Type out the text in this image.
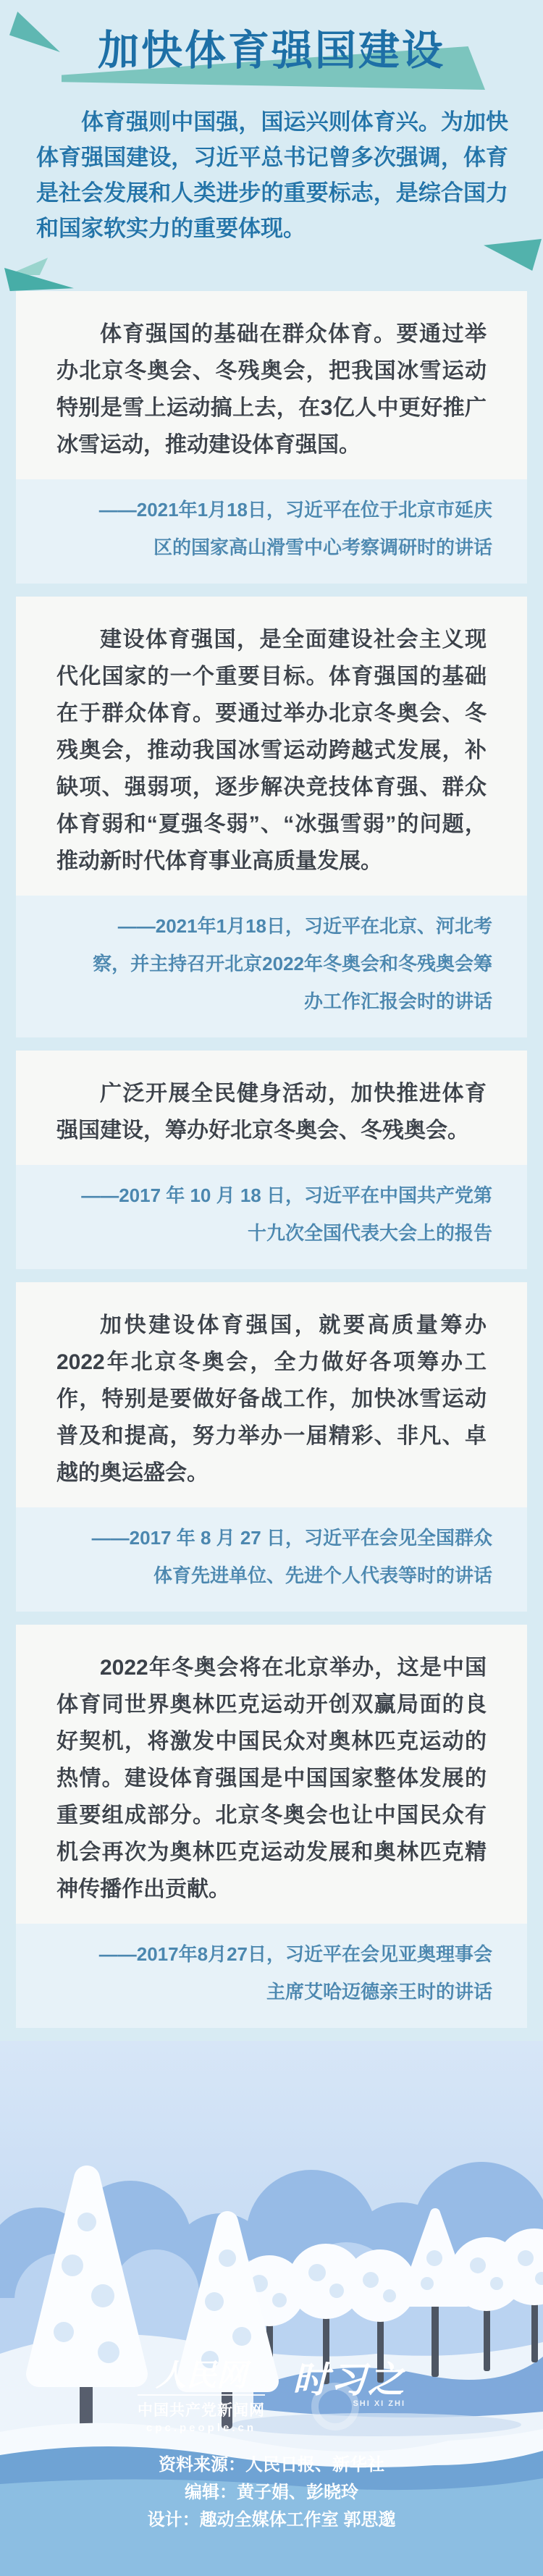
加快体育强国建设
体育强则中国强，国运兴则体育兴。为加快体育强国建设，习近平总书记曾多次强调，体育是社会发展和人类进步的重要标志，是综合国力和国家软实力的重要体现。
体育强国的基础在群众体育。要通过举办北京冬奥会、冬残奥会，把我国冰雪运动特别是雪上运动搞上去，在3亿人中更好推广冰雪运动，推动建设体育强国。
——2021年1月18日，习近平在位于北京市延庆区的国家高山滑雪中心考察调研时的讲话
建设体育强国，是全面建设社会主义现代化国家的一个重要目标。体育强国的基础在于群众体育。要通过举办北京冬奥会、冬残奥会，推动我国冰雪运动跨越式发展，补缺项、强弱项，逐步解决竞技体育强、群众体育弱和“夏强冬弱”、“冰强雪弱”的问题，推动新时代体育事业高质量发展。
——2021年1月18日，习近平在北京、河北考察，并主持召开北京2022年冬奥会和冬残奥会筹办工作汇报会时的讲话
广泛开展全民健身活动，加快推进体育强国建设，筹办好北京冬奥会、冬残奥会。
——2017 年 10 月 18 日，习近平在中国共产党第十九次全国代表大会上的报告
加快建设体育强国，就要高质量筹办2022年北京冬奥会，全力做好各项筹办工作，特别是要做好备战工作，加快冰雪运动普及和提高，努力举办一届精彩、非凡、卓越的奥运盛会。
——2017 年 8 月 27 日，习近平在会见全国群众体育先进单位、先进个人代表等时的讲话
2022年冬奥会将在北京举办，这是中国体育同世界奥林匹克运动开创双赢局面的良好契机，将激发中国民众对奥林匹克运动的热情。建设体育强国是中国国家整体发展的重要组成部分。北京冬奥会也让中国民众有机会再次为奥林匹克运动发展和奥林匹克精神传播作出贡献。
——2017年8月27日，习近平在会见亚奥理事会主席艾哈迈德亲王时的讲话
人民网
中国共产党新闻网
cpc.people.cn
时习之
SHI XI ZHI
资料来源：人民日报、新华社
编辑：黄子娟、彭晓玲
设计：趣动全媒体工作室 郭思邈
